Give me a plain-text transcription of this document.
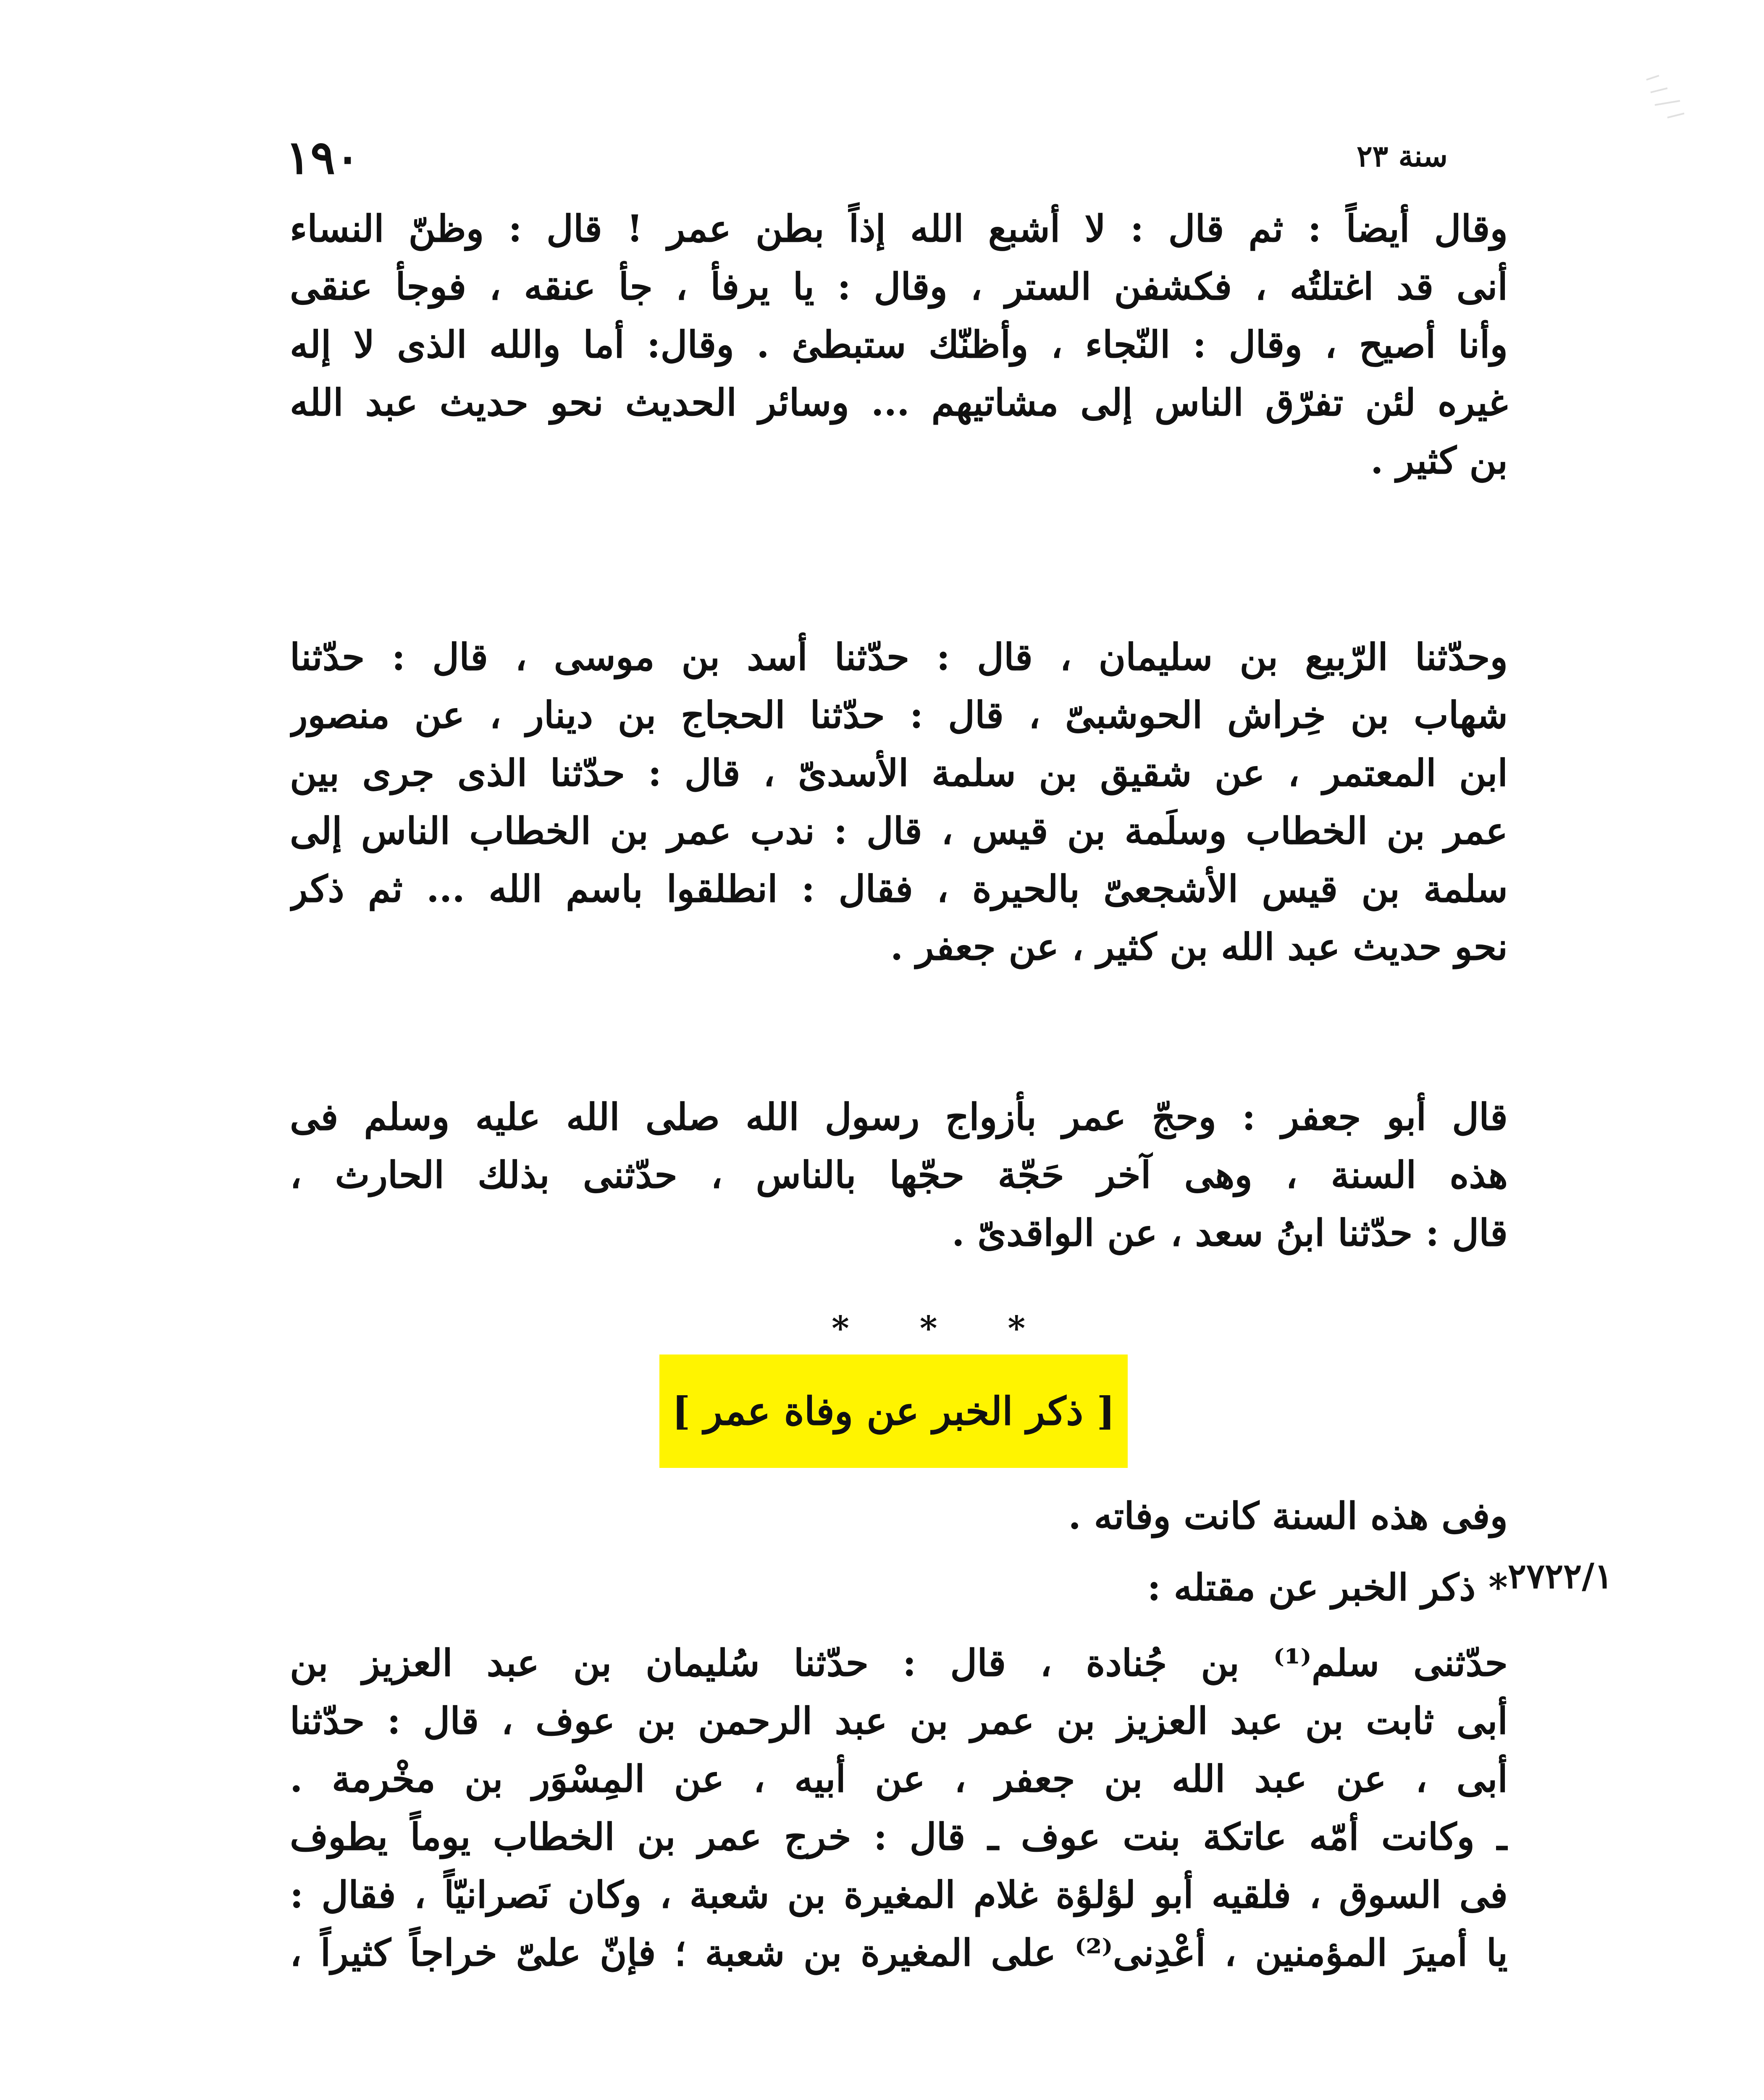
١٩٠	سنة ٢٣
وقال أيضاً : ثم قال : لا أشبع الله إذاً بطن عمر ! قال : وظنّ النساء
أنى قد اغتلتُه ، فكشفن الستر ، وقال : يا يرفأ ، جأ عنقه ، فوجأ عنقى
وأنا أصيح ، وقال : النّجاء ، وأظنّك ستبطئ . وقال: أما والله الذى لا إله
غيره لئن تفرّق الناس إلى مشاتيهم ... وسائر الحديث نحو حديث عبد الله
بن كثير .
وحدّثنا الرّبيع بن سليمان ، قال : حدّثنا أسد بن موسى ، قال : حدّثنا
شهاب بن خِراش الحوشبىّ ، قال : حدّثنا الحجاج بن دينار ، عن منصور
ابن المعتمر ، عن شقيق بن سلمة الأسدىّ ، قال : حدّثنا الذى جرى بين
عمر بن الخطاب وسلَمة بن قيس ، قال : ندب عمر بن الخطاب الناس إلى
سلمة بن قيس الأشجعىّ بالحيرة ، فقال : انطلقوا باسم الله ... ثم ذكر
نحو حديث عبد الله بن كثير ، عن جعفر .
قال أبو جعفر : وحجّ عمر بأزواج رسول الله صلى الله عليه وسلم فى
هذه السنة ، وهى آخر حَجّة حجّها بالناس ، حدّثنى بذلك الحارث ،
قال : حدّثنا ابنُ سعد ، عن الواقدىّ .
* * *
[ ذكر الخبر عن وفاة عمر ]
وفى هذه السنة كانت وفاته .
٢٧٢٢/١
* ذكر الخبر عن مقتله :
حدّثنى سلم⁽¹⁾ بن جُنادة ، قال : حدّثنا سُليمان بن عبد العزيز بن
أبى ثابت بن عبد العزيز بن عمر بن عبد الرحمن بن عوف ، قال : حدّثنا
أبى ، عن عبد الله بن جعفر ، عن أبيه ، عن المِسْوَر بن مخْرمة .
ـ وكانت أمّه عاتكة بنت عوف ـ قال : خرج عمر بن الخطاب يوماً يطوف
فى السوق ، فلقيه أبو لؤلؤة غلام المغيرة بن شعبة ، وكان نَصرانيّاً ، فقال :
يا أميرَ المؤمنين ، أعْدِنى⁽²⁾ على المغيرة بن شعبة ؛ فإنّ علىّ خراجاً كثيراً ،
